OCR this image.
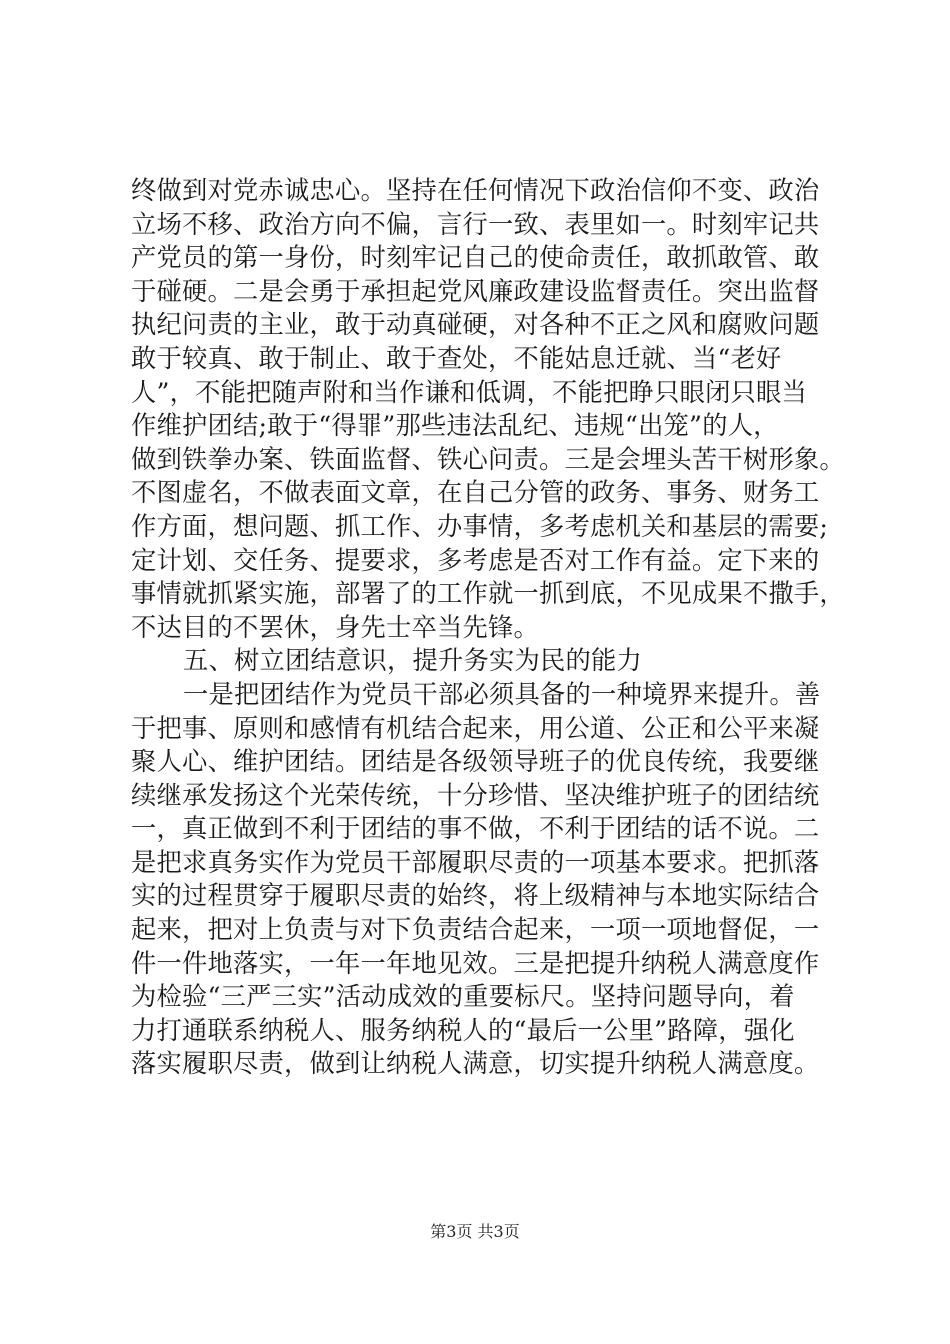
终做到对党赤诚忠心。坚持在任何情况下政治信仰不变、政治
立场不移、政治方向不偏，言行一致、表里如一。时刻牢记共
产党员的第一身份，时刻牢记自己的使命责任，敢抓敢管、敢
于碰硬。二是会勇于承担起党风廉政建设监督责任。突出监督
执纪问责的主业，敢于动真碰硬，对各种不正之风和腐败问题
敢于较真、敢于制止、敢于查处，不能姑息迁就、当“老好
人”，不能把随声附和当作谦和低调，不能把睁只眼闭只眼当
作维护团结;敢于“得罪”那些违法乱纪、违规“出笼”的人，
做到铁拳办案、铁面监督、铁心问责。三是会埋头苦干树形象。
不图虚名，不做表面文章，在自己分管的政务、事务、财务工
作方面，想问题、抓工作、办事情，多考虑机关和基层的需要;
定计划、交任务、提要求，多考虑是否对工作有益。定下来的
事情就抓紧实施，部署了的工作就一抓到底，不见成果不撒手，
不达目的不罢休，身先士卒当先锋。
五、树立团结意识，提升务实为民的能力
一是把团结作为党员干部必须具备的一种境界来提升。善
于把事、原则和感情有机结合起来，用公道、公正和公平来凝
聚人心、维护团结。团结是各级领导班子的优良传统，我要继
续继承发扬这个光荣传统，十分珍惜、坚决维护班子的团结统
一，真正做到不利于团结的事不做，不利于团结的话不说。二
是把求真务实作为党员干部履职尽责的一项基本要求。把抓落
实的过程贯穿于履职尽责的始终，将上级精神与本地实际结合
起来，把对上负责与对下负责结合起来，一项一项地督促，一
件一件地落实，一年一年地见效。三是把提升纳税人满意度作
为检验“三严三实”活动成效的重要标尺。坚持问题导向，着
力打通联系纳税人、服务纳税人的“最后一公里”路障，强化
落实履职尽责，做到让纳税人满意，切实提升纳税人满意度。
第3页 共3页
